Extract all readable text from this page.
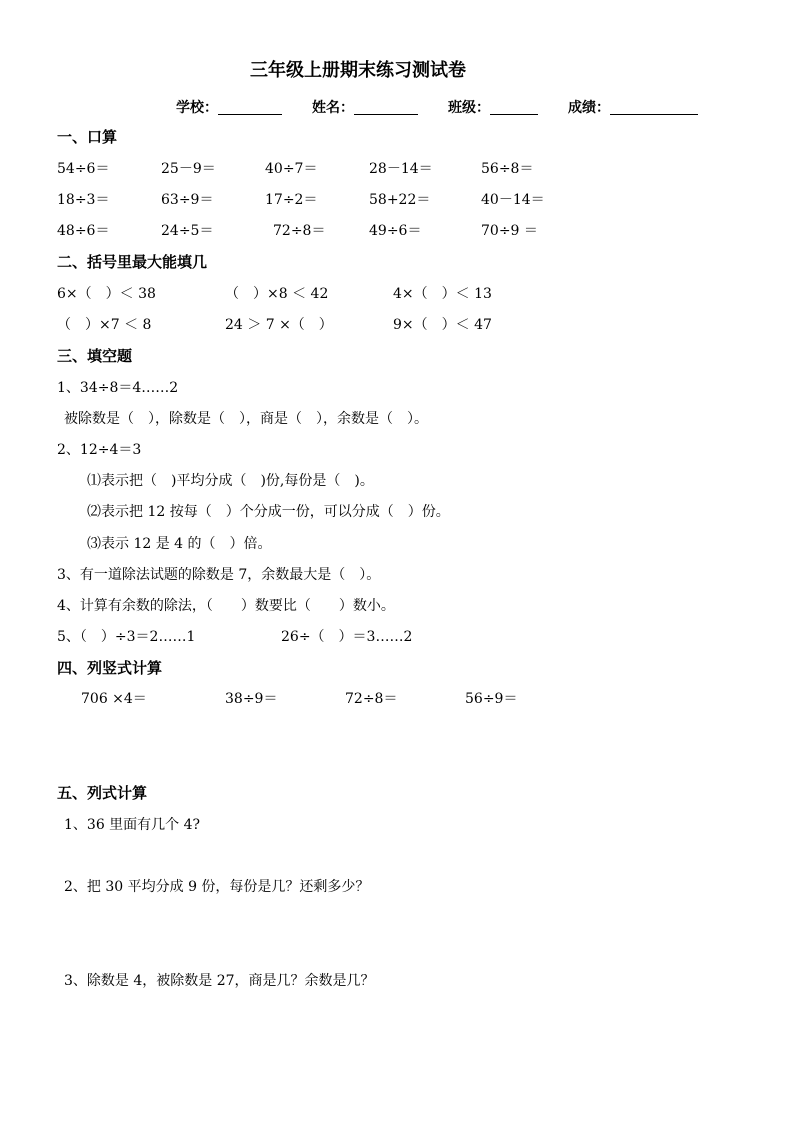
三年级上册期末练习测试卷
学校：	姓名：	班级：	成绩：
一、口算
54÷6＝	25－9＝	40÷7＝	28－14＝	56÷8＝
18÷3＝	63÷9＝	17÷2＝	58+22＝	40－14＝
48÷6＝	24÷5＝	72÷8＝	49÷6＝	70÷9 ＝
二、括号里最大能填几
6×（　）＜ 38	（　）×8 ＜ 42	4×（　）＜ 13
（　）×7 ＜ 8	24 ＞ 7 ×（　）	9×（　）＜ 47
三、填空题
1、34÷8＝4……2
被除数是（　），除数是（　），商是（　），余数是（　）。
2、12÷4＝3
⑴表示把（　)平均分成（　)份,每份是（　)。
⑵表示把 12 按每（　）个分成一份，可以分成（　）份。
⑶表示 12 是 4 的（　）倍。
3、有一道除法试题的除数是 7，余数最大是（　）。
4、计算有余数的除法，（　　）数要比（　　）数小。
5、（　）÷3＝2……1	26÷（　）＝3……2
四、列竖式计算
706 ×4＝	38÷9＝	72÷8＝	56÷9＝
五、列式计算
1、36 里面有几个 4?
2、把 30 平均分成 9 份，每份是几？还剩多少？
3、除数是 4，被除数是 27，商是几？余数是几？
